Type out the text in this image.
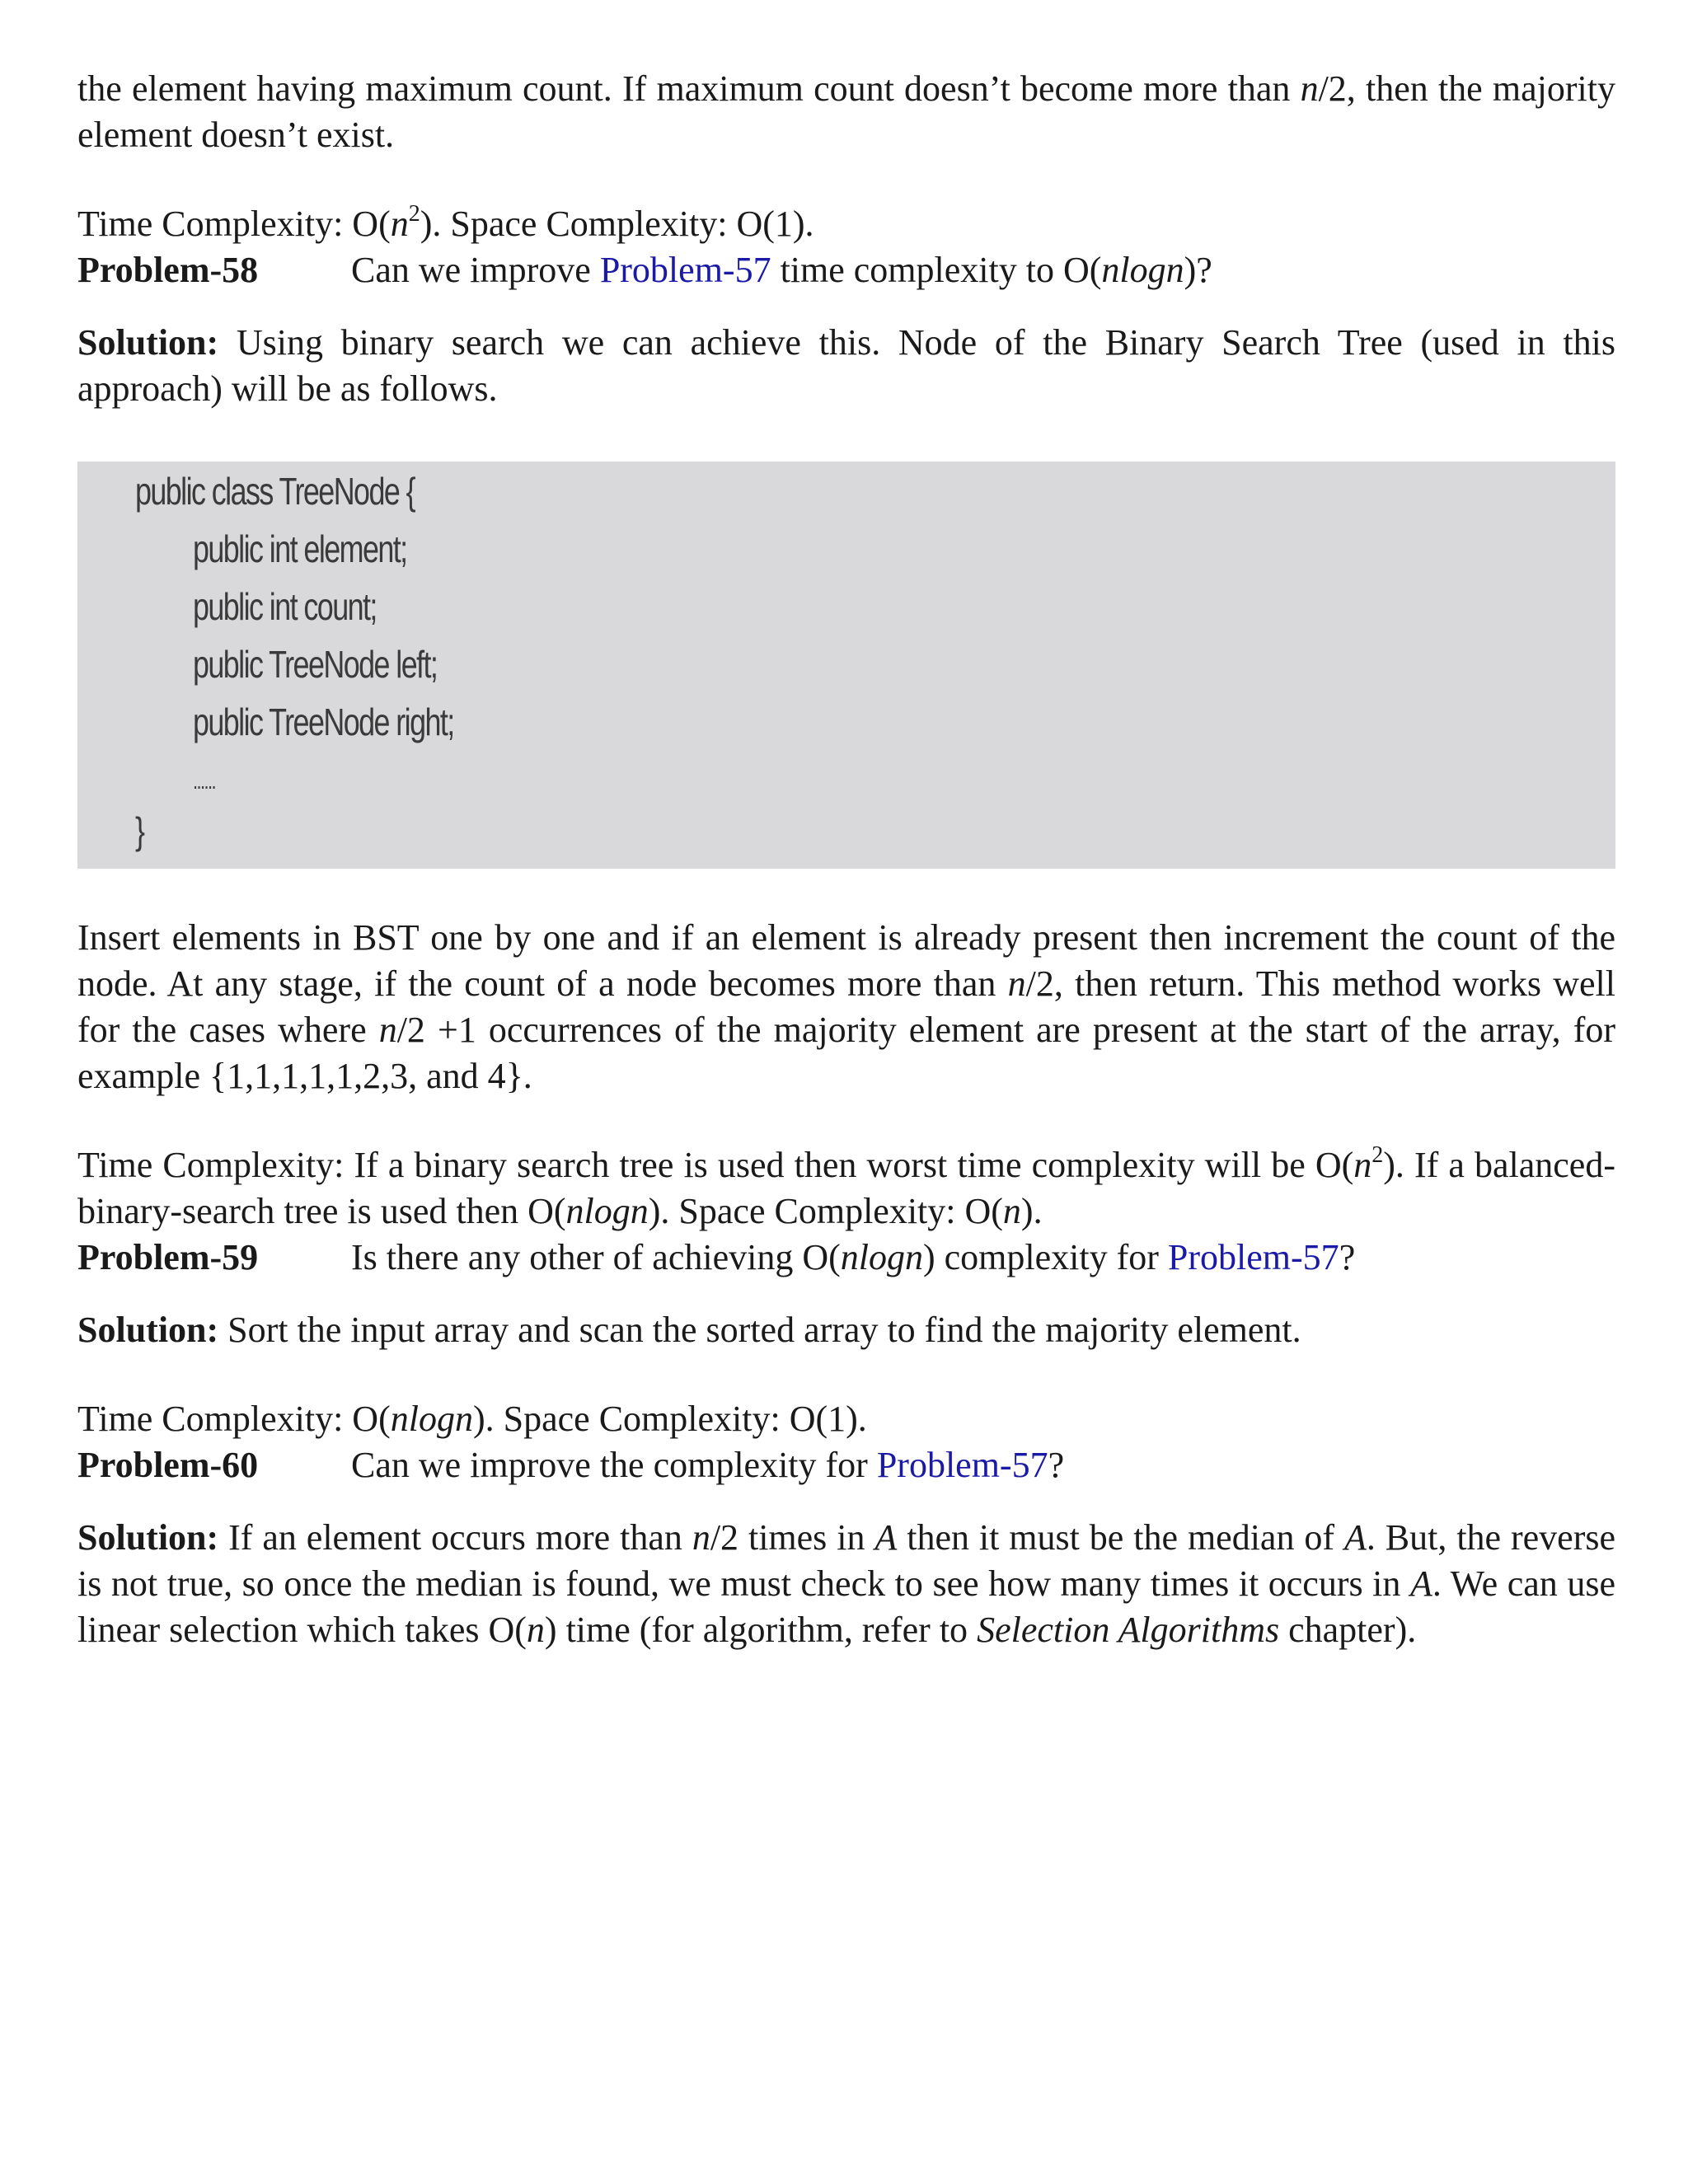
the element having maximum count. If maximum count doesn’t become more than n/2, then the majority element doesn’t exist.

Time Complexity: $O(n^2)$. Space Complexity: O(1).

Problem-58	Can we improve Problem-57 time complexity to O(nlogn)?

Solution: Using binary search we can achieve this. Node of the Binary Search Tree (used in this approach) will be as follows.

public class TreeNode {
public int element;
public int count;
public TreeNode left;
public TreeNode right;
......
}

Insert elements in BST one by one and if an element is already present then increment the count of the node. At any stage, if the count of a node becomes more than n/2, then return. This method works well for the cases where n/2 +1 occurrences of the majority element are present at the start of the array, for example {1,1,1,1,1,2,3, and 4}.

Time Complexity: If a binary search tree is used then worst time complexity will be $O(n^2)$. If a balanced-binary-search tree is used then O(nlogn). Space Complexity: O(n).

Problem-59	Is there any other of achieving O(nlogn) complexity for Problem-57?

Solution: Sort the input array and scan the sorted array to find the majority element.

Time Complexity: O(nlogn). Space Complexity: O(1).

Problem-60	Can we improve the complexity for Problem-57?

Solution: If an element occurs more than n/2 times in A then it must be the median of A. But, the reverse is not true, so once the median is found, we must check to see how many times it occurs in A. We can use linear selection which takes O(n) time (for algorithm, refer to Selection Algorithms chapter).
